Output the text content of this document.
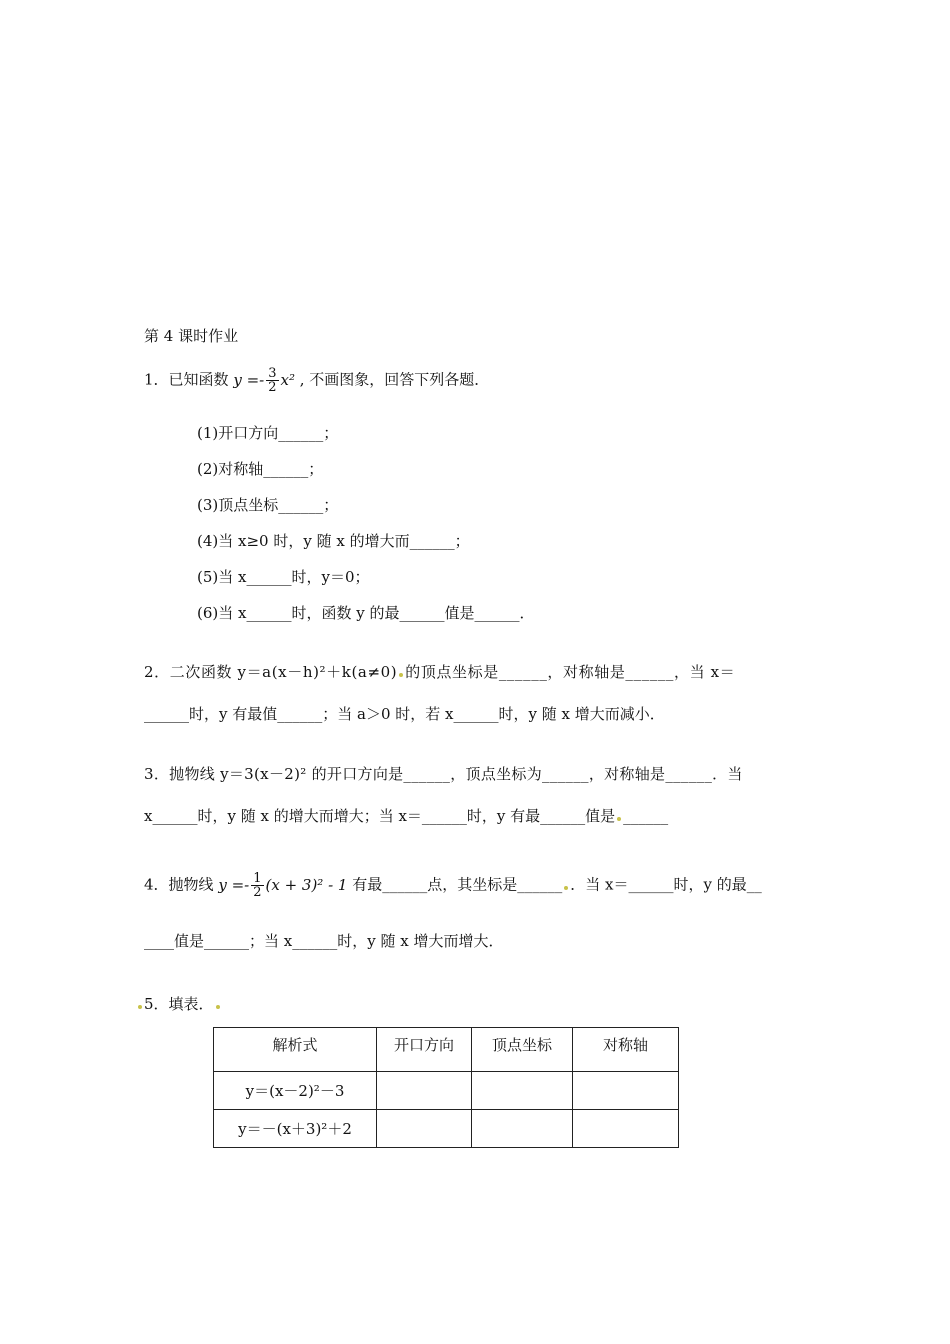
第 4 课时作业
1．已知函数 $y =- \frac{3}{2} x^2$ , 不画图象，回答下列各题．
(1)开口方向______；
(2)对称轴______；
(3)顶点坐标______；
(4)当 x≥0 时，y 随 x 的增大而______；
(5)当 x______时，y＝0；
(6)当 x______时，函数 y 的最______值是______．
2．二次函数 y＝a(x－h)²＋k(a≠0) 的顶点坐标是______，对称轴是______，当 x＝
______时，y 有最值______；当 a＞0 时，若 x______时，y 随 x 增大而减小．
3．抛物线 y＝3(x－2)² 的开口方向是______，顶点坐标为______，对称轴是______．当
x______时，y 随 x 的增大而增大；当 x＝______时，y 有最______值是 ______
4．抛物线 $y =- \frac{1}{2} (x + 3)^2 - 1$ 有最______点，其坐标是______ ．当 x＝______时，y 的最__
____值是______；当 x______时，y 随 x 增大而增大．
5．填表．
解析式	开口方向	顶点坐标	对称轴
y＝(x－2)²－3			
y＝－(x＋3)²＋2			
